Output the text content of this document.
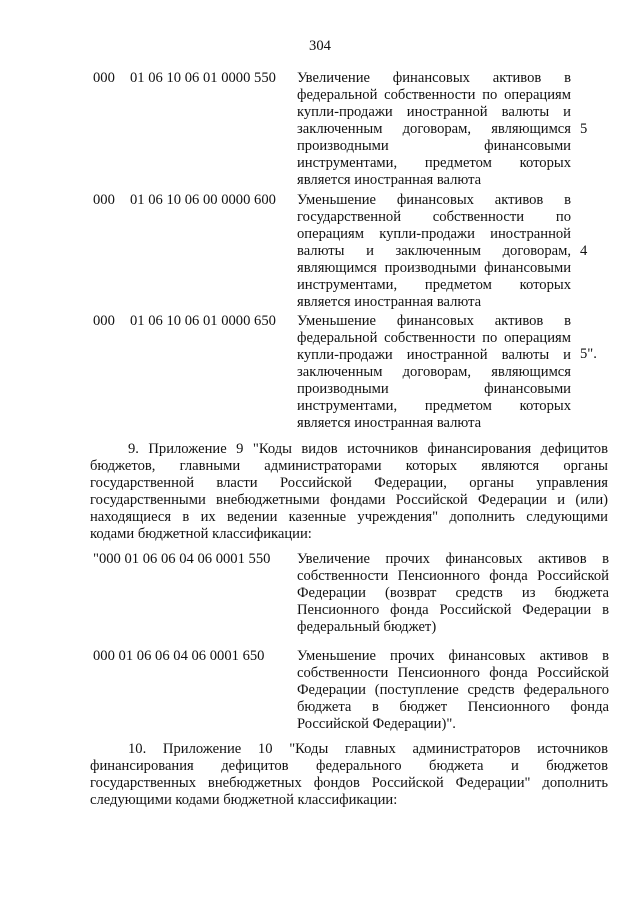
304
000 01 06 10 06 01 0000 550 Увеличение финансовых активов в
федеральной собственности по операциям
купли-продажи иностранной валюты и
заключенным договорам, являющимся
производными финансовыми
инструментами, предметом которых
является иностранная валюта
5
000 01 06 10 06 00 0000 600 Уменьшение финансовых активов в
государственной собственности по
операциям купли-продажи иностранной
валюты и заключенным договорам,
являющимся производными финансовыми
инструментами, предметом которых
является иностранная валюта
4
000 01 06 10 06 01 0000 650 Уменьшение финансовых активов в
федеральной собственности по операциям
купли-продажи иностранной валюты и
заключенным договорам, являющимся
производными финансовыми
инструментами, предметом которых
является иностранная валюта
5".
9. Приложение 9 "Коды видов источников финансирования дефицитов
бюджетов, главными администраторами которых являются органы
государственной власти Российской Федерации, органы управления
государственными внебюджетными фондами Российской Федерации и (или)
находящиеся в их ведении казенные учреждения" дополнить следующими
кодами бюджетной классификации:
"000 01 06 06 04 06 0001 550 Увеличение прочих финансовых активов в
собственности Пенсионного фонда Российской
Федерации (возврат средств из бюджета
Пенсионного фонда Российской Федерации в
федеральный бюджет)
000 01 06 06 04 06 0001 650 Уменьшение прочих финансовых активов в
собственности Пенсионного фонда Российской
Федерации (поступление средств федерального
бюджета в бюджет Пенсионного фонда
Российской Федерации)".
10. Приложение 10 "Коды главных администраторов источников
финансирования дефицитов федерального бюджета и бюджетов
государственных внебюджетных фондов Российской Федерации" дополнить
следующими кодами бюджетной классификации:
